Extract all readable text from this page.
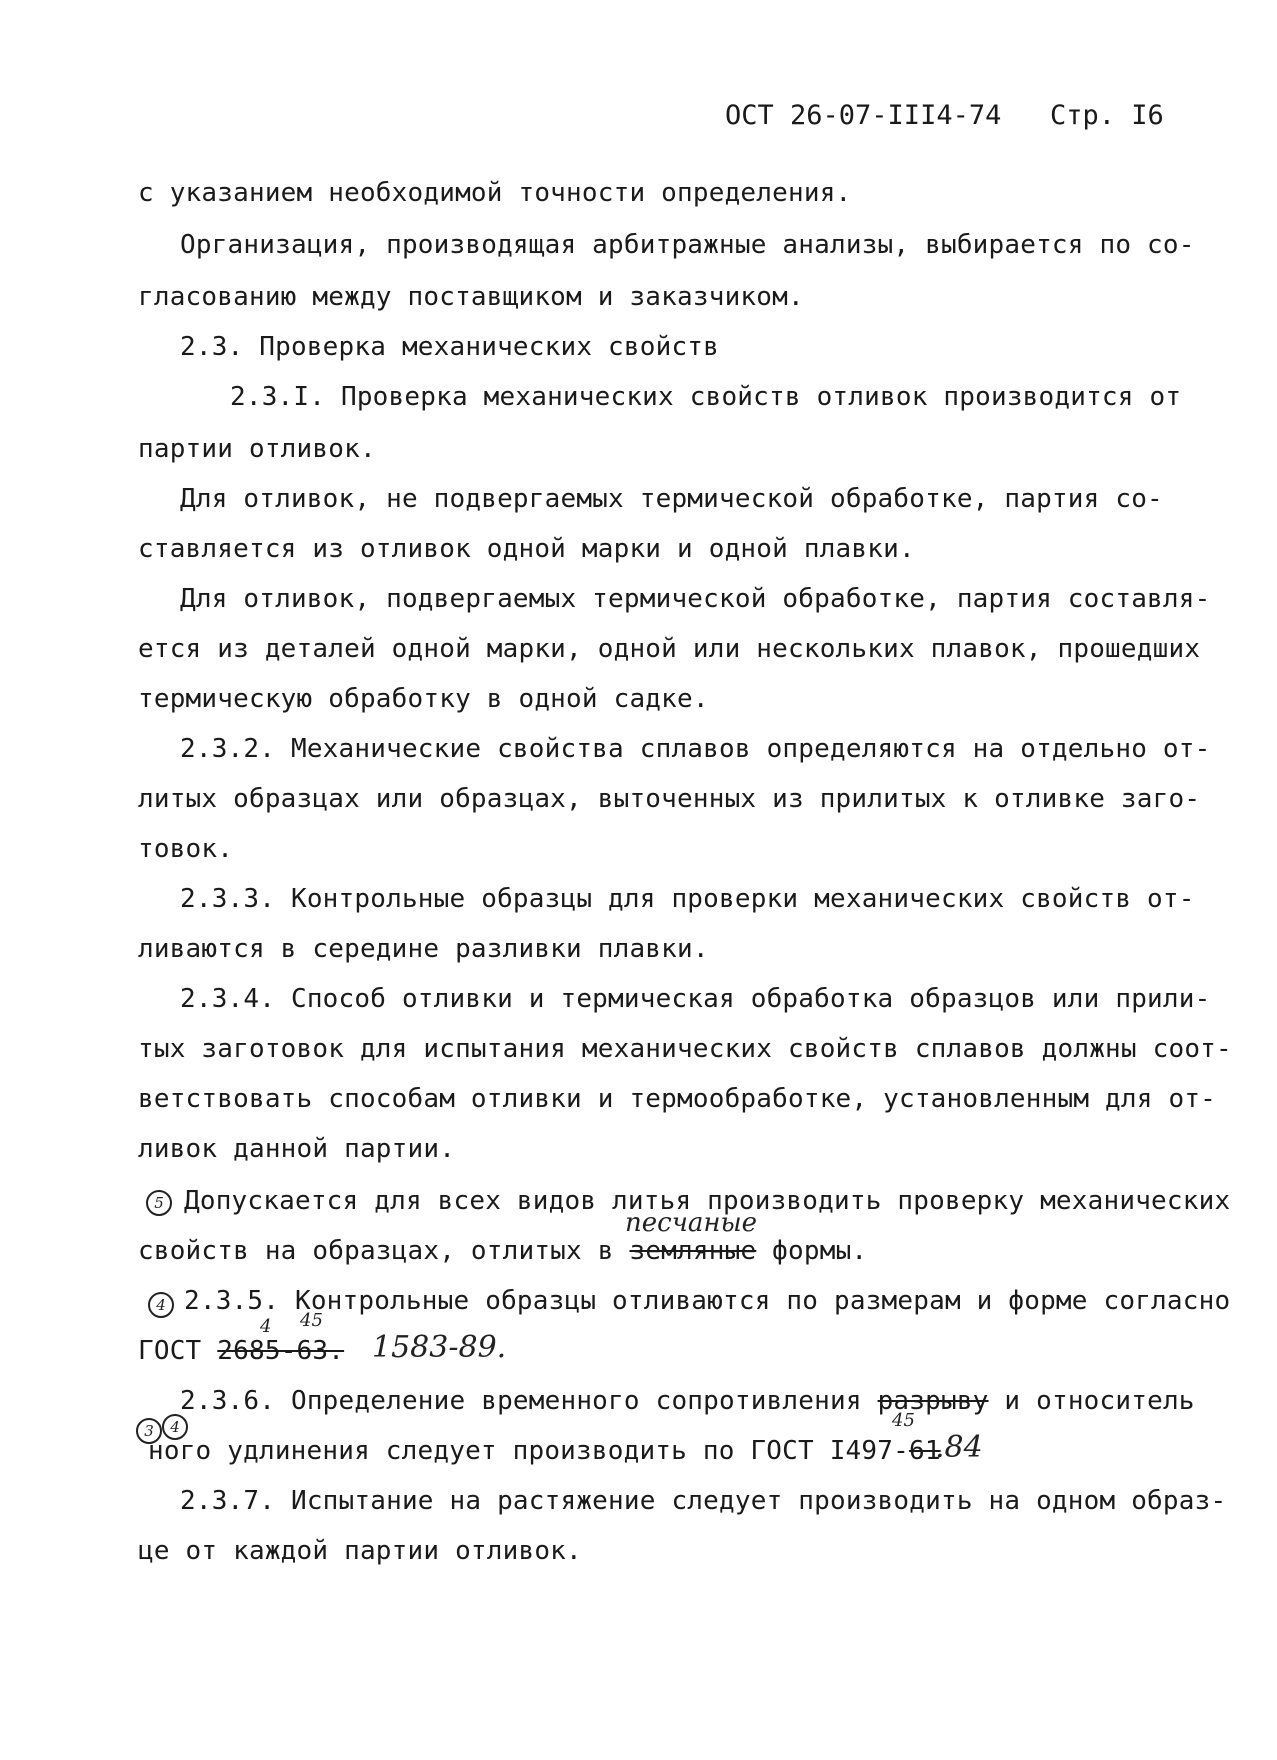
ОСТ 26-07-III4-74 Стр. I6
с указанием необходимой точности определения.
Организация, производящая арбитражные анализы, выбирается по со-
гласованию между поставщиком и заказчиком.
2.3. Проверка механических свойств
2.3.I. Проверка механических свойств отливок производится от
партии отливок.
Для отливок, не подвергаемых термической обработке, партия со-
ставляется из отливок одной марки и одной плавки.
Для отливок, подвергаемых термической обработке, партия составля-
ется из деталей одной марки, одной или нескольких плавок, прошедших
термическую обработку в одной садке.
2.3.2. Механические свойства сплавов определяются на отдельно от-
литых образцах или образцах, выточенных из прилитых к отливке заго-
товок.
2.3.3. Контрольные образцы для проверки механических свойств от-
ливаются в середине разливки плавки.
2.3.4. Способ отливки и термическая обработка образцов или прили-
тых заготовок для испытания механических свойств сплавов должны соот-
ветствовать способам отливки и термообработке, установленным для от-
ливок данной партии.
5 Допускается для всех видов литья производить проверку механических
песчаные
свойств на образцах, отлитых в земляные формы.
4 2.3.5. Контрольные образцы отливаются по размерам и форме согласно
4 45
ГОСТ 2685-63. 1583-89.
2.3.6. Определение временного сопротивления разрыву и относитель
3	4	45
ного удлинения следует производить по ГОСТ I497-61
.84
2.3.7. Испытание на растяжение следует производить на одном образ-
це от каждой партии отливок.
